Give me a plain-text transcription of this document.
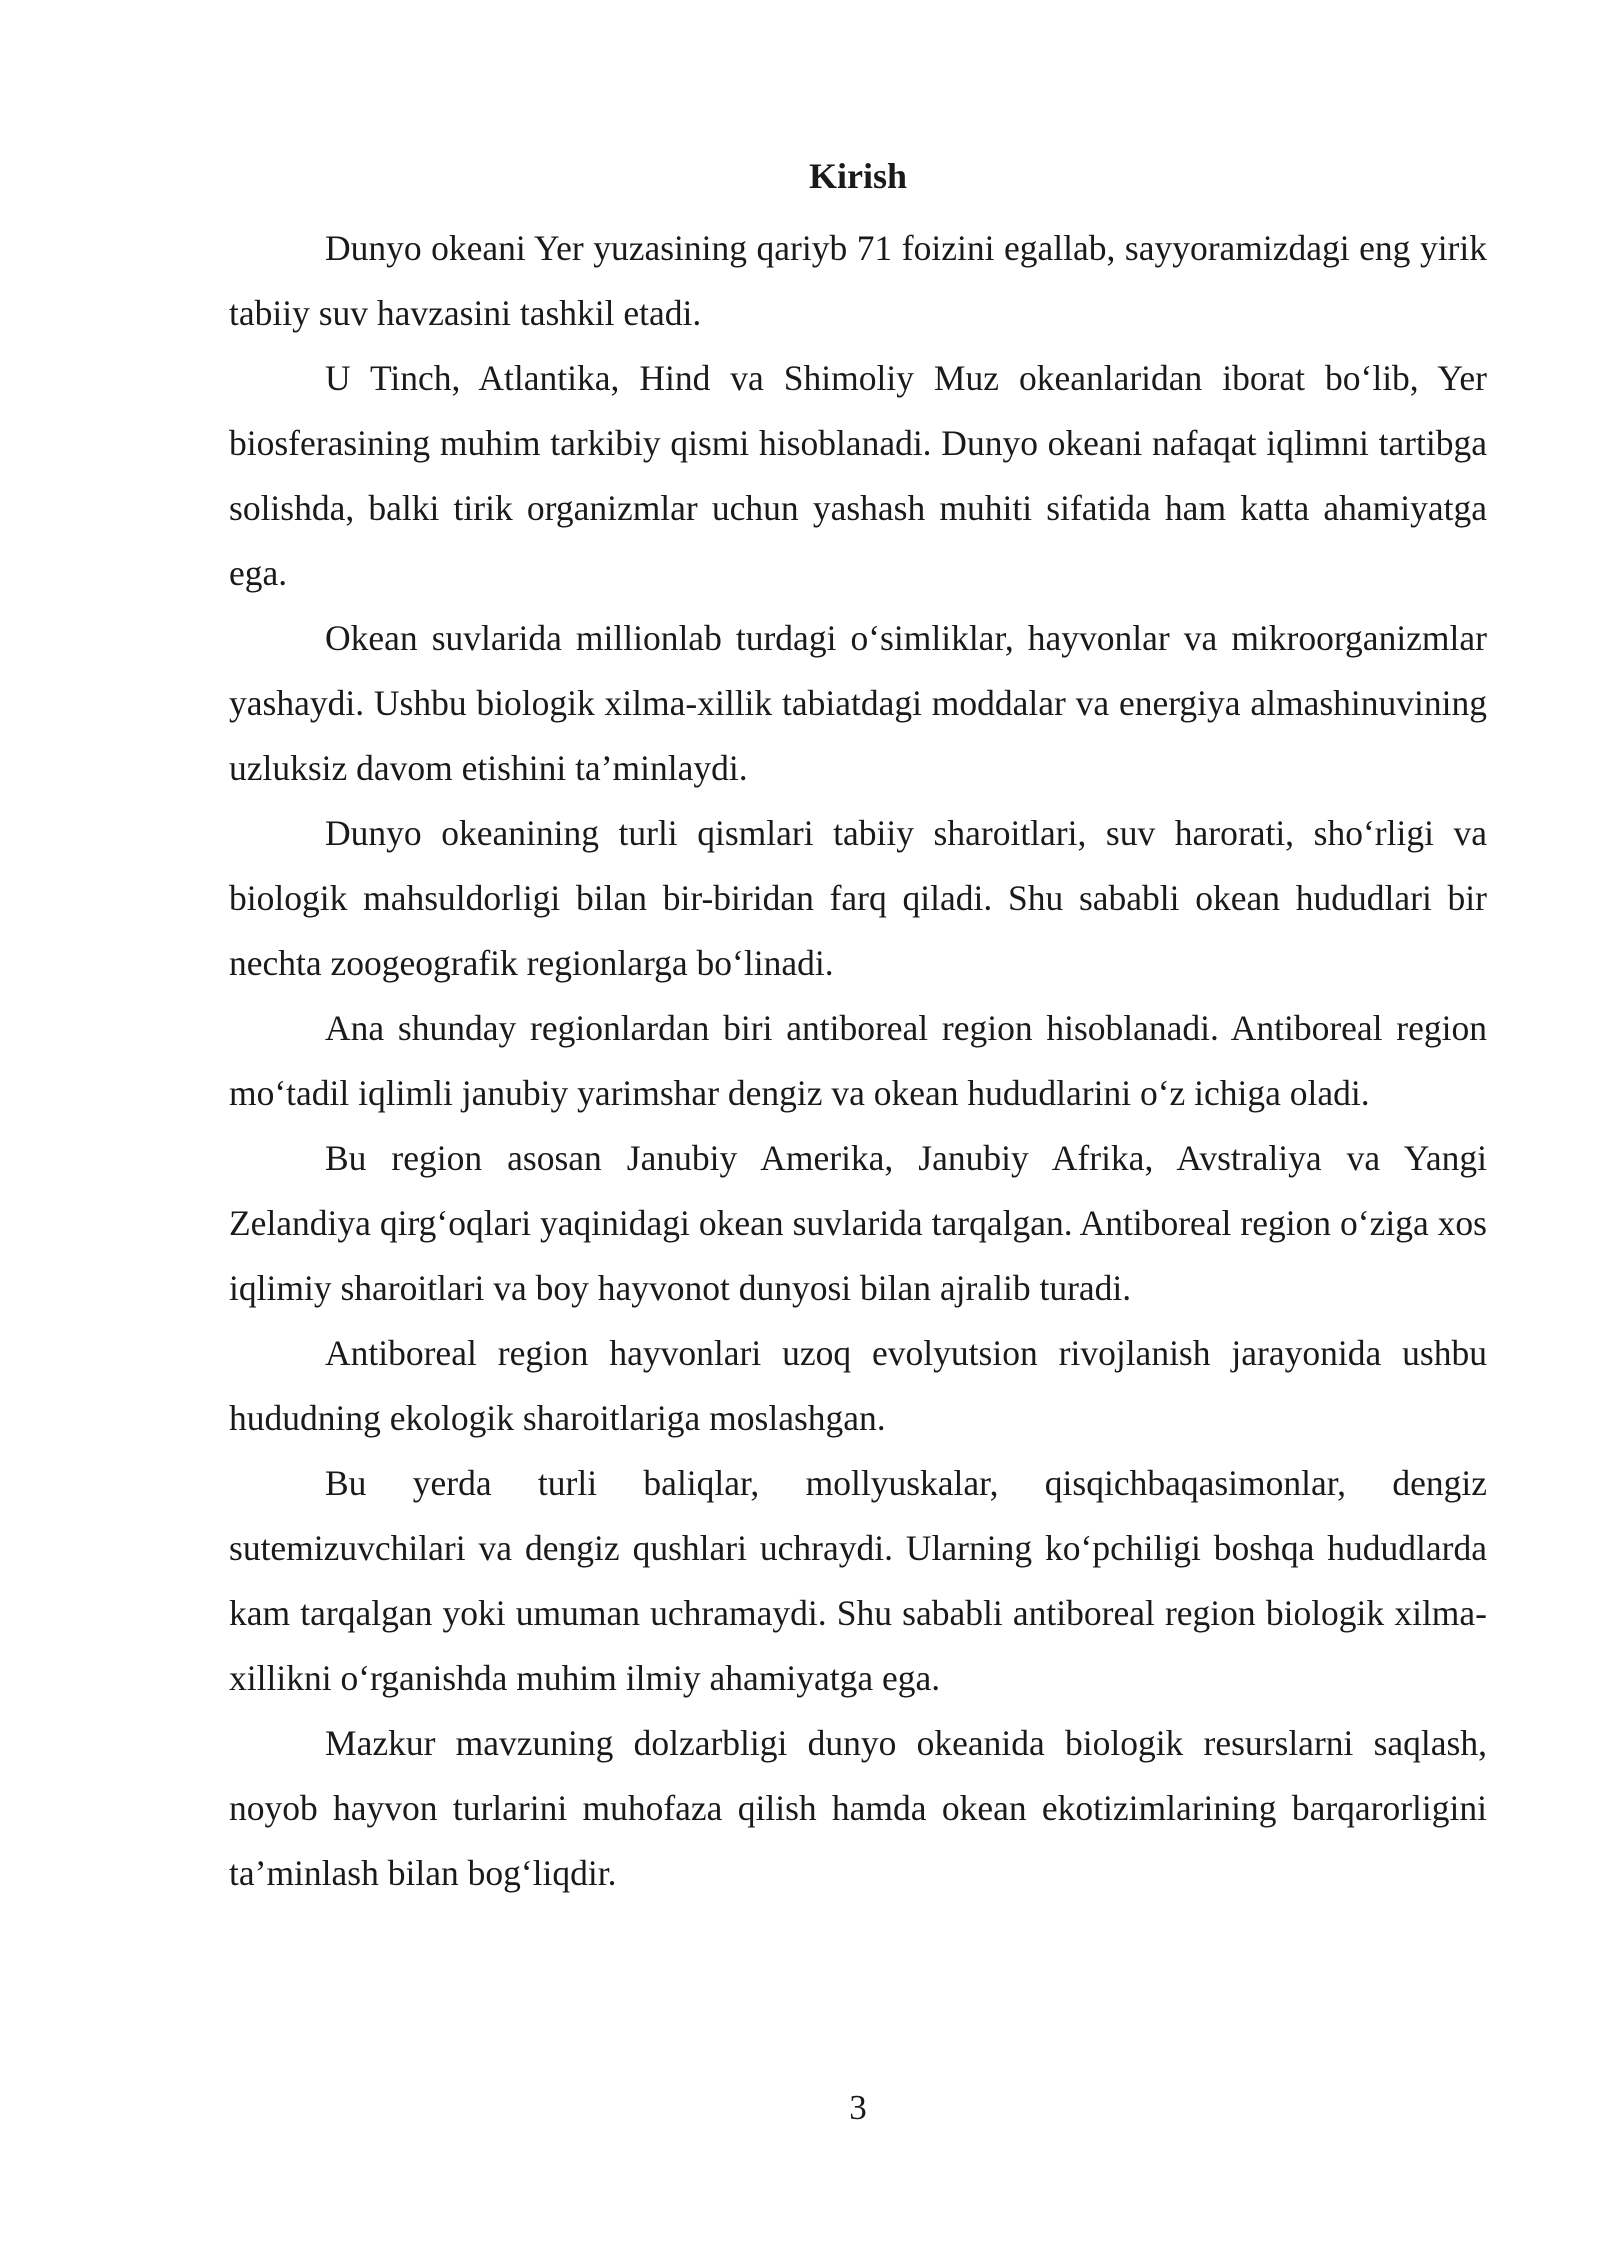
Kirish

Dunyo okeani Yer yuzasining qariyb 71 foizini egallab, sayyoramizdagi eng yirik tabiiy suv havzasini tashkil etadi.

U Tinch, Atlantika, Hind va Shimoliy Muz okeanlaridan iborat bo‘lib, Yer biosferasining muhim tarkibiy qismi hisoblanadi. Dunyo okeani nafaqat iqlimni tartibga solishda, balki tirik organizmlar uchun yashash muhiti sifatida ham katta ahamiyatga ega.

Okean suvlarida millionlab turdagi o‘simliklar, hayvonlar va mikroorganizmlar yashaydi. Ushbu biologik xilma-xillik tabiatdagi moddalar va energiya almashinuvining uzluksiz davom etishini ta’minlaydi.

Dunyo okeanining turli qismlari tabiiy sharoitlari, suv harorati, sho‘rligi va biologik mahsuldorligi bilan bir-biridan farq qiladi. Shu sababli okean hududlari bir nechta zoogeografik regionlarga bo‘linadi.

Ana shunday regionlardan biri antiboreal region hisoblanadi. Antiboreal region mo‘tadil iqlimli janubiy yarimshar dengiz va okean hududlarini o‘z ichiga oladi.

Bu region asosan Janubiy Amerika, Janubiy Afrika, Avstraliya va Yangi Zelandiya qirg‘oqlari yaqinidagi okean suvlarida tarqalgan. Antiboreal region o‘ziga xos iqlimiy sharoitlari va boy hayvonot dunyosi bilan ajralib turadi.

Antiboreal region hayvonlari uzoq evolyutsion rivojlanish jarayonida ushbu hududning ekologik sharoitlariga moslashgan.

Bu yerda turli baliqlar, mollyuskalar, qisqichbaqasimonlar, dengiz sutemizuvchilari va dengiz qushlari uchraydi. Ularning ko‘pchiligi boshqa hududlarda kam tarqalgan yoki umuman uchramaydi. Shu sababli antiboreal region biologik xilma-xillikni o‘rganishda muhim ilmiy ahamiyatga ega.

Mazkur mavzuning dolzarbligi dunyo okeanida biologik resurslarni saqlash, noyob hayvon turlarini muhofaza qilish hamda okean ekotizimlarining barqarorligini ta’minlash bilan bog‘liqdir.

3
